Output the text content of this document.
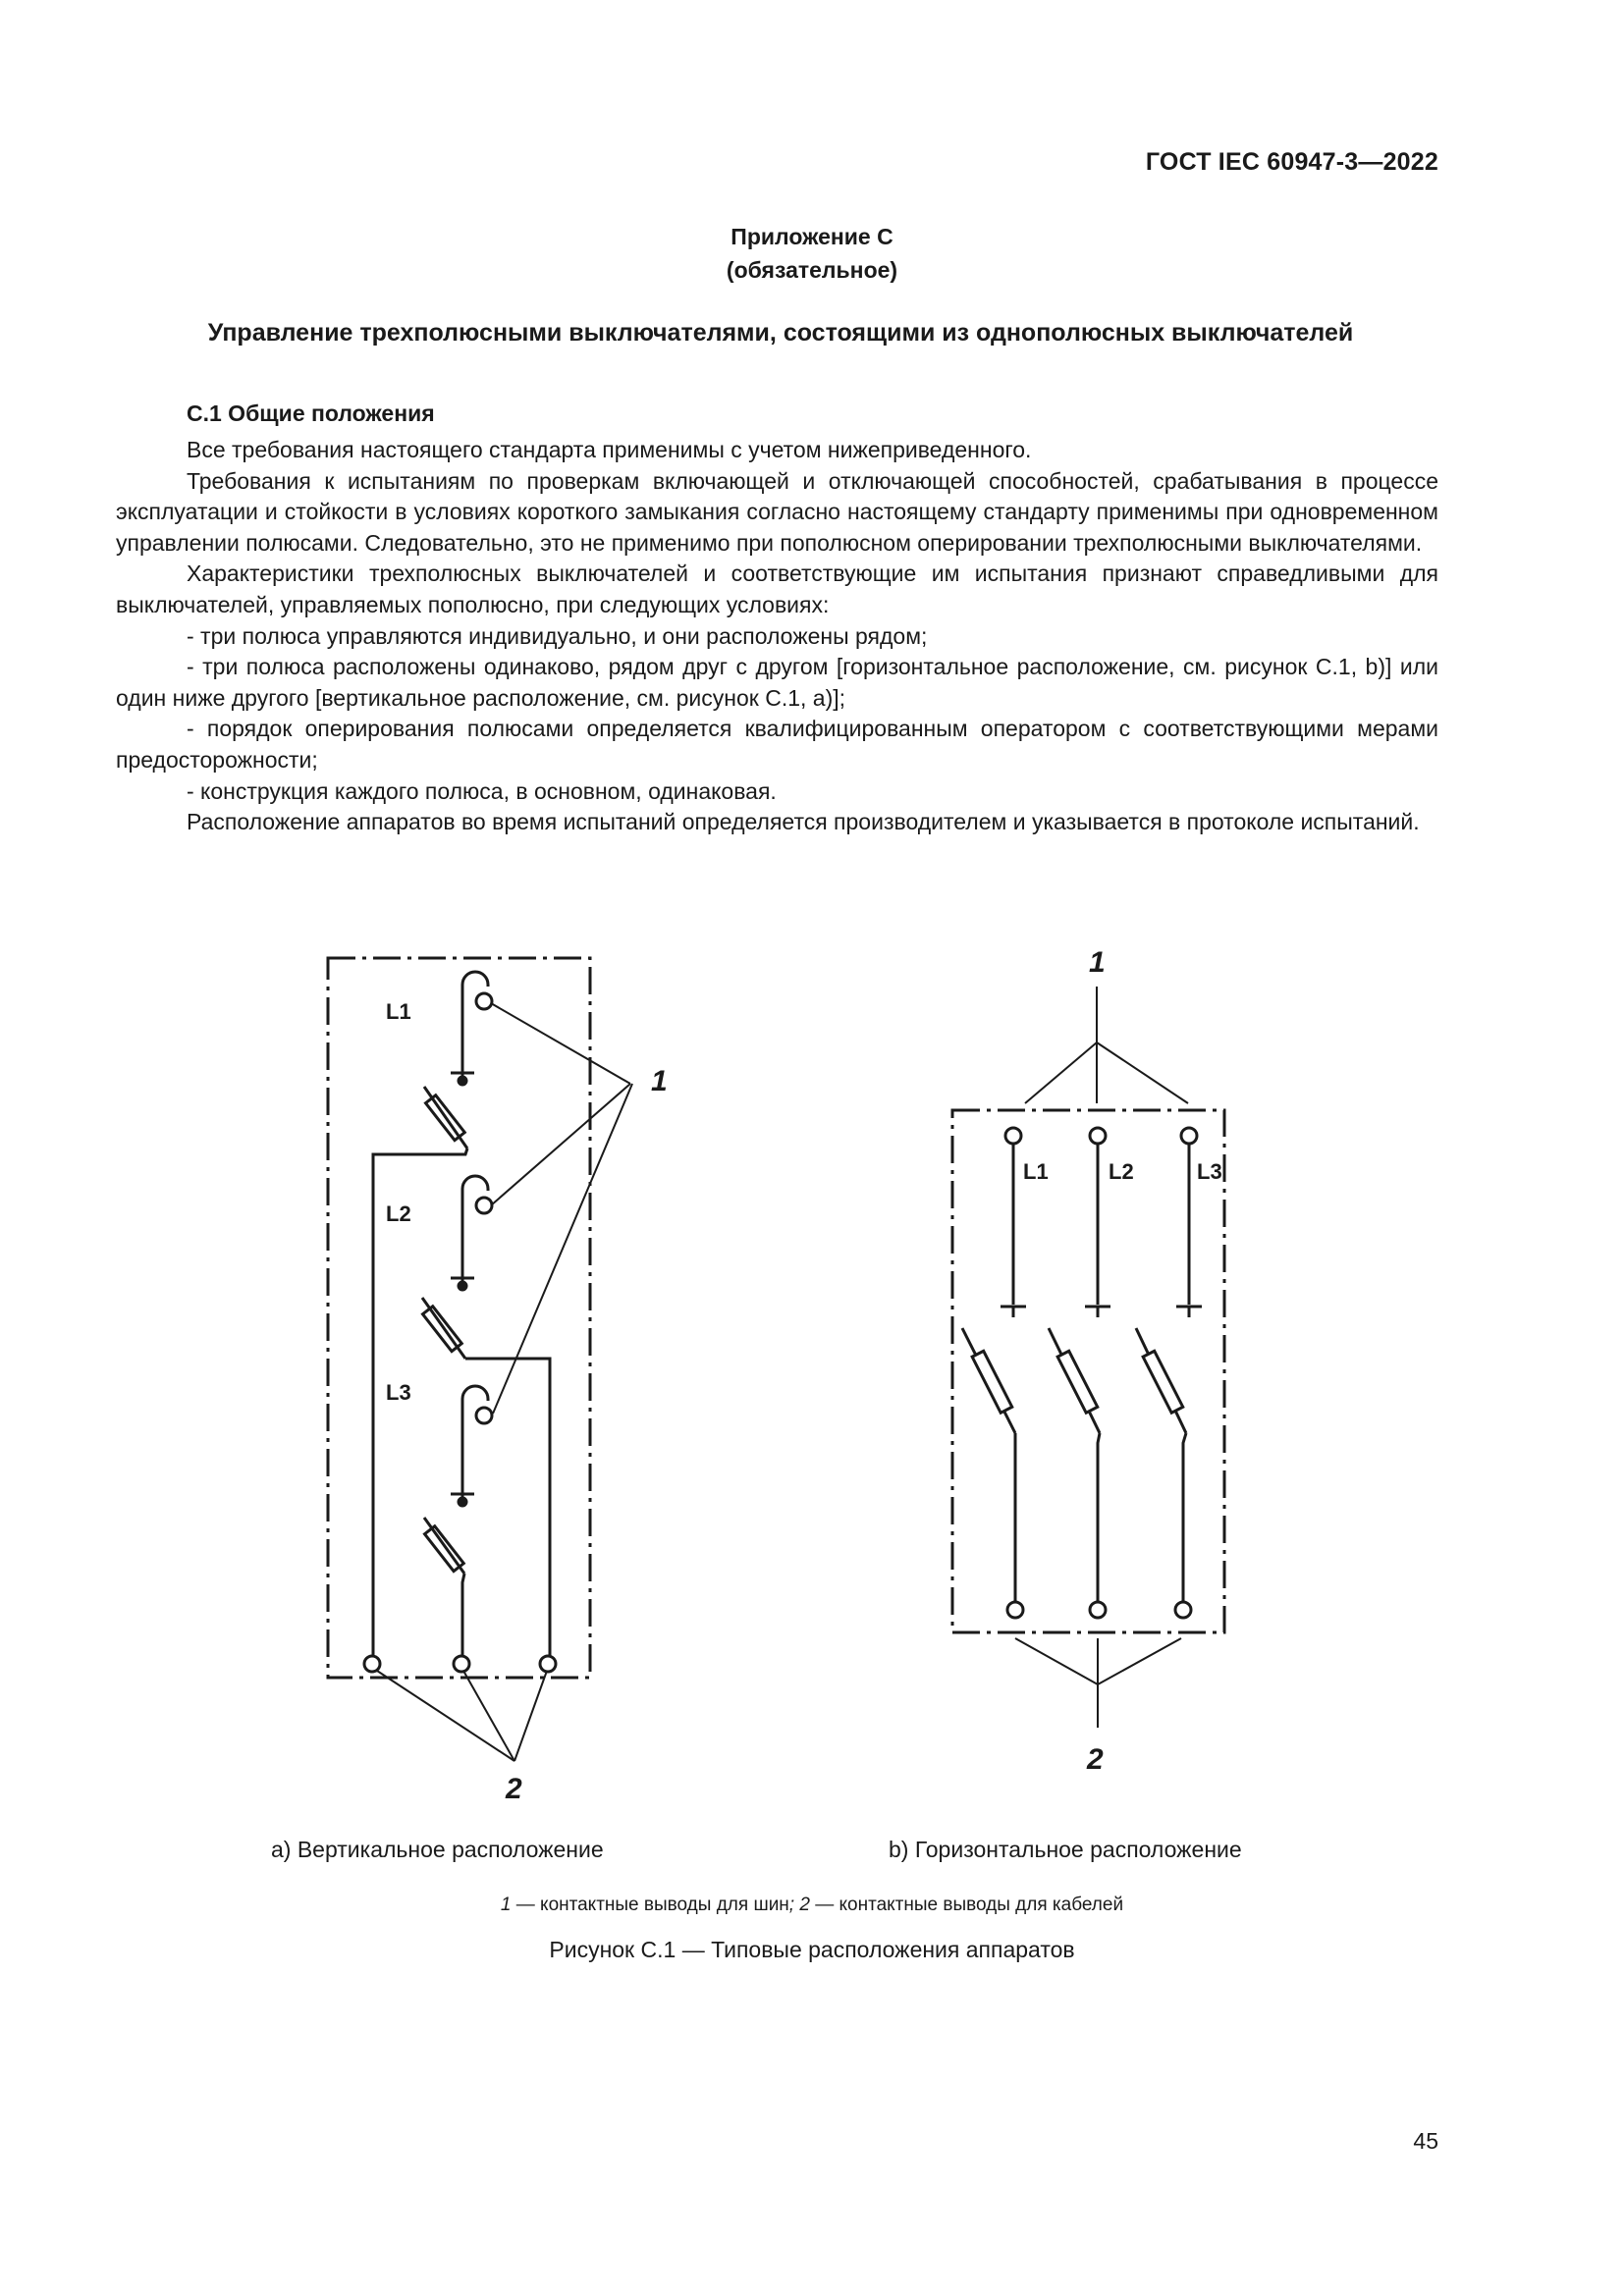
ГОСТ IEC 60947-3—2022
Приложение С
(обязательное)
Управление трехполюсными выключателями, состоящими из однополюсных выключателей
С.1 Общие положения

Все требования настоящего стандарта применимы с учетом нижеприведенного.

Требования к испытаниям по проверкам включающей и отключающей способностей, срабатывания в процессе эксплуатации и стойкости в условиях короткого замыкания согласно настоящему стандарту применимы при одновременном управлении полюсами. Следовательно, это не применимо при пополюсном оперировании трехполюсными выключателями.

Характеристики трехполюсных выключателей и соответствующие им испытания признают справедливыми для выключателей, управляемых пополюсно, при следующих условиях:

- три полюса управляются индивидуально, и они расположены рядом;

- три полюса расположены одинаково, рядом друг с другом [горизонтальное расположение, см. рисунок С.1, b)] или один ниже другого [вертикальное расположение, см. рисунок С.1, а)];

- порядок оперирования полюсами определяется квалифицированным оператором с соответствующими мерами предосторожности;

- конструкция каждого полюса, в основном, одинаковая.

Расположение аппаратов во время испытаний определяется производителем и указывается в протоколе испытаний.

L1
L2
L3
L1	L2	L3
1
2
1
2
а) Вертикальное расположение	b) Горизонтальное расположение
1 — контактные выводы для шин; 2 — контактные выводы для кабелей
Рисунок С.1 — Типовые расположения аппаратов
45
